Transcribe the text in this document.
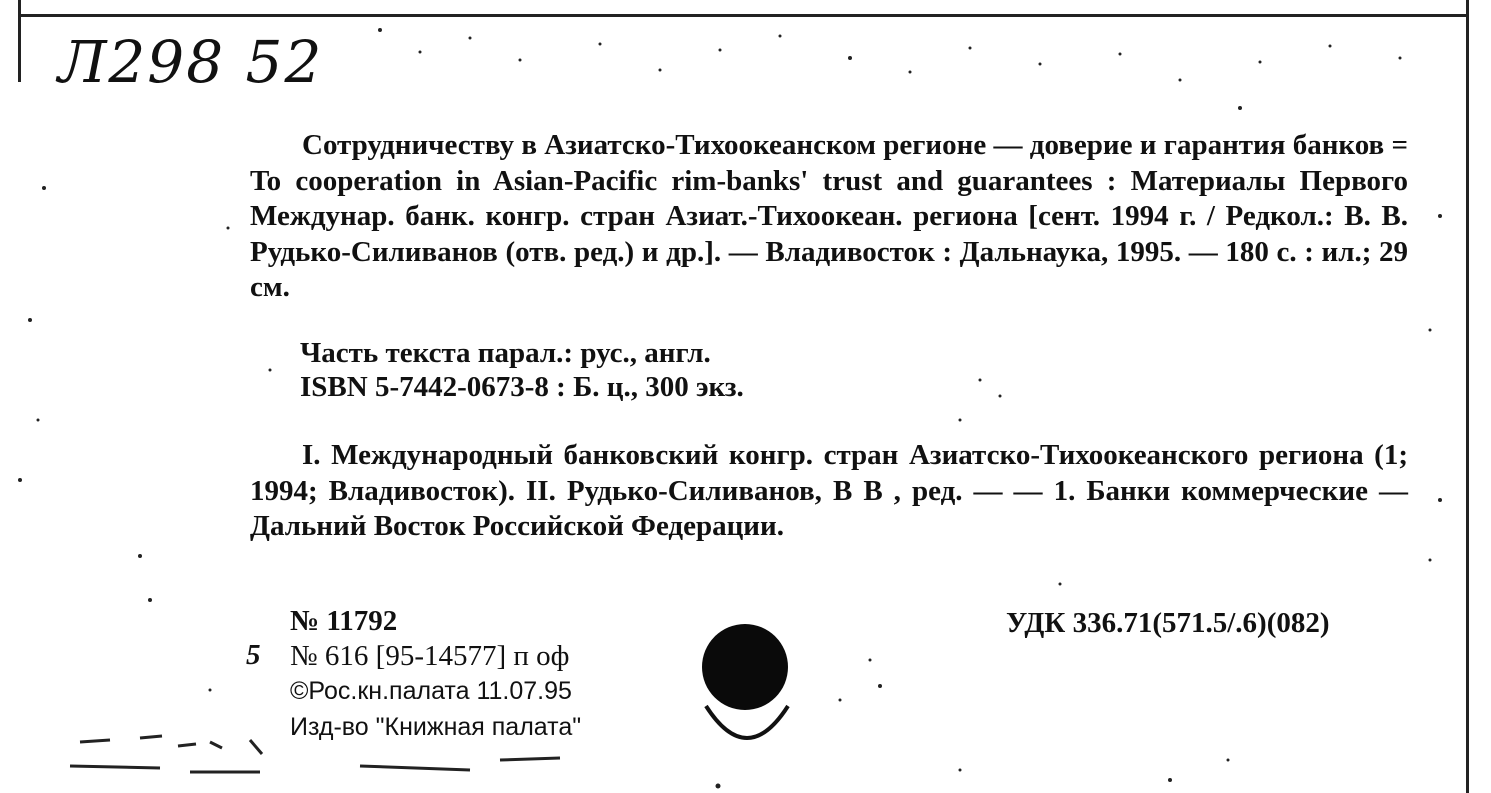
Л298 52
Сотрудничеству в Азиатско-Тихоокеанском регионе — доверие и гарантия банков = To cooperation in Asian-Pacific rim-banks' trust and guarantees : Материалы Первого Междунар. банк. конгр. стран Азиат.-Тихоокеан. региона [сент. 1994 г. / Редкол.: В. В. Рудько-Силиванов (отв. ред.) и др.]. — Владивосток : Дальнаука, 1995. — 180 с. : ил.; 29 см.
Часть текста парал.: рус., англ.
ISBN 5-7442-0673-8 : Б. ц., 300 экз.
I. Международный банковский конгр. стран Азиатско-Тихоокеанского региона (1; 1994; Владивосток). II. Рудько-Силиванов, В В , ред. — — 1. Банки коммерческие — Дальний Восток Российской Федерации.
5
№ 11792
№ 616 [95-14577] п оф
©Рос.кн.палата 11.07.95
Изд-во "Книжная палата"
УДК 336.71(571.5/.6)(082)
